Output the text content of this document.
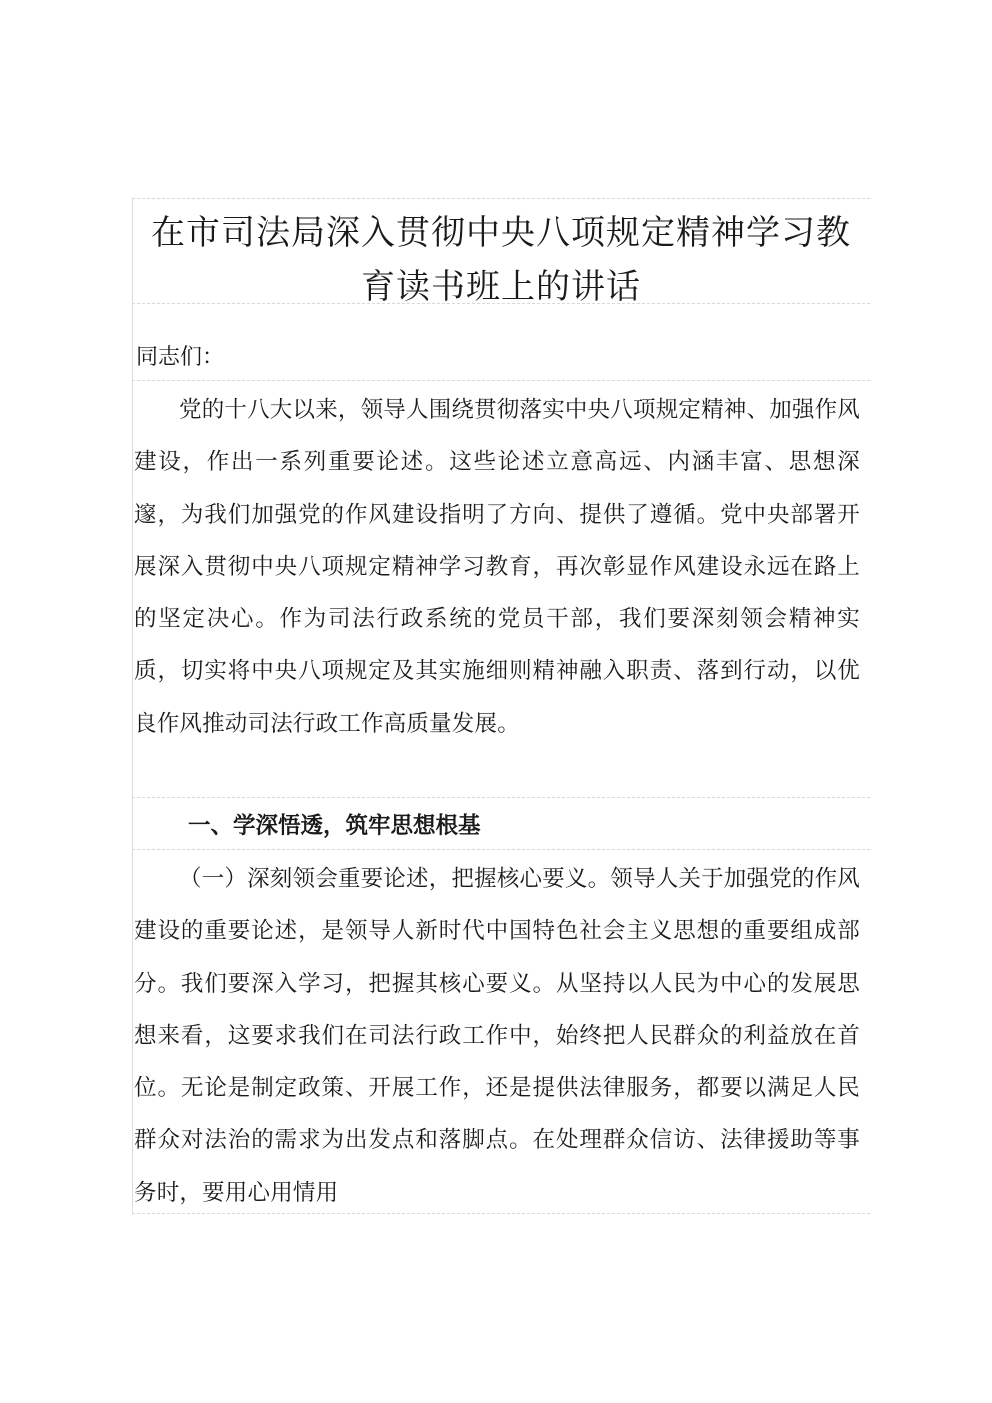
在市司法局深入贯彻中央八项规定精神学习教育读书班上的讲话
同志们：
党的十八大以来，领导人围绕贯彻落实中央八项规定精神、加强作风建设，作出一系列重要论述。这些论述立意高远、内涵丰富、思想深邃，为我们加强党的作风建设指明了方向、提供了遵循。党中央部署开展深入贯彻中央八项规定精神学习教育，再次彰显作风建设永远在路上的坚定决心。作为司法行政系统的党员干部，我们要深刻领会精神实质，切实将中央八项规定及其实施细则精神融入职责、落到行动，以优良作风推动司法行政工作高质量发展。
一、学深悟透，筑牢思想根基
（一）深刻领会重要论述，把握核心要义。领导人关于加强党的作风建设的重要论述，是领导人新时代中国特色社会主义思想的重要组成部分。我们要深入学习，把握其核心要义。从坚持以人民为中心的发展思想来看，这要求我们在司法行政工作中，始终把人民群众的利益放在首位。无论是制定政策、开展工作，还是提供法律服务，都要以满足人民群众对法治的需求为出发点和落脚点。在处理群众信访、法律援助等事务时，要用心用情用
